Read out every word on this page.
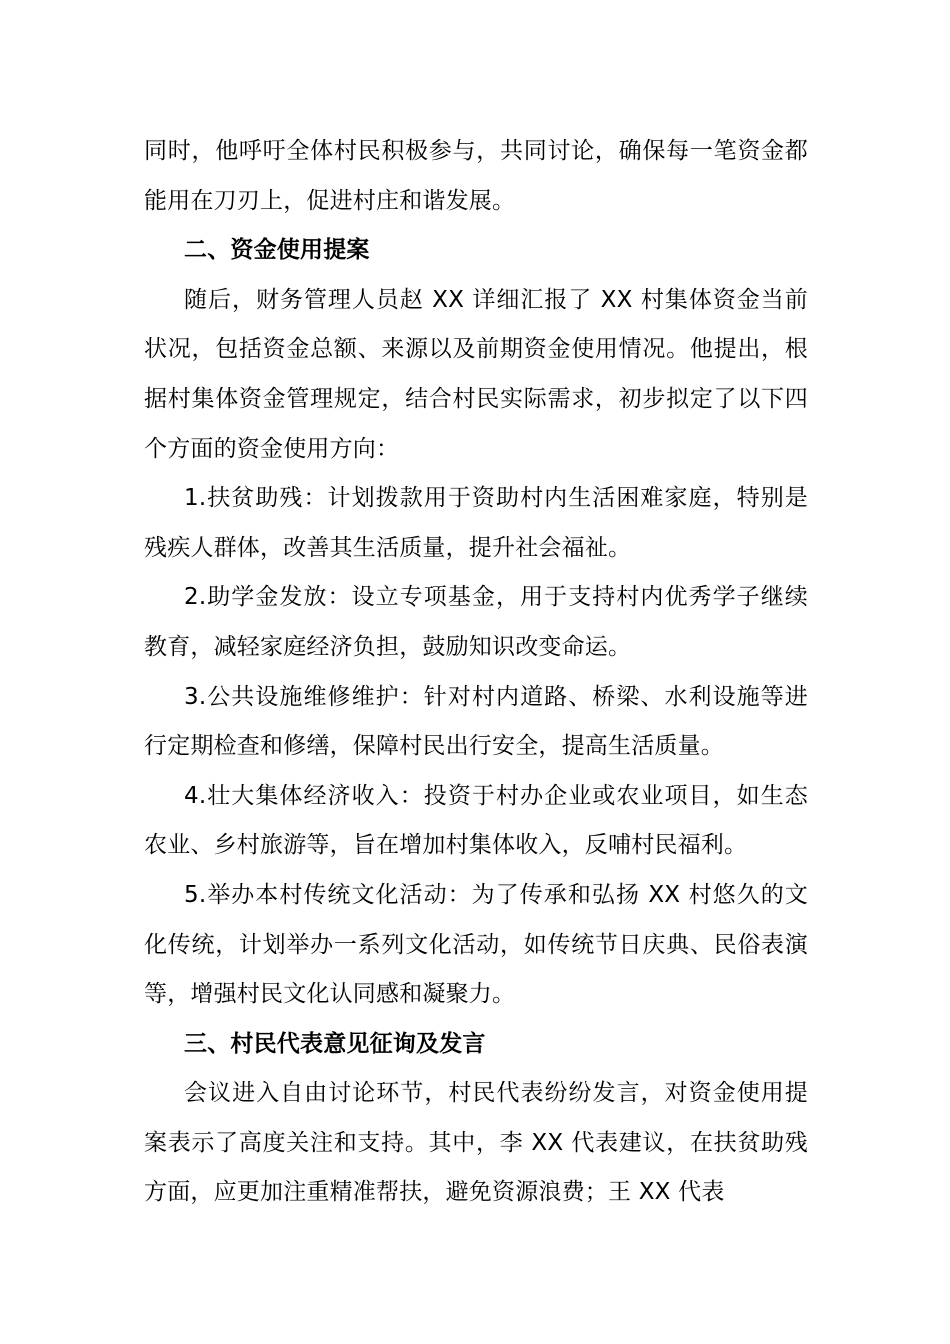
同时，他呼吁全体村民积极参与，共同讨论，确保每一笔资金都能用在刀刃上，促进村庄和谐发展。

二、资金使用提案

随后，财务管理人员赵 XX 详细汇报了 XX 村集体资金当前状况，包括资金总额、来源以及前期资金使用情况。他提出，根据村集体资金管理规定，结合村民实际需求，初步拟定了以下四个方面的资金使用方向：

1.扶贫助残：计划拨款用于资助村内生活困难家庭，特别是残疾人群体，改善其生活质量，提升社会福祉。

2.助学金发放：设立专项基金，用于支持村内优秀学子继续教育，减轻家庭经济负担，鼓励知识改变命运。

3.公共设施维修维护：针对村内道路、桥梁、水利设施等进行定期检查和修缮，保障村民出行安全，提高生活质量。

4.壮大集体经济收入：投资于村办企业或农业项目，如生态农业、乡村旅游等，旨在增加村集体收入，反哺村民福利。

5.举办本村传统文化活动：为了传承和弘扬 XX 村悠久的文化传统，计划举办一系列文化活动，如传统节日庆典、民俗表演等，增强村民文化认同感和凝聚力。

三、村民代表意见征询及发言

会议进入自由讨论环节，村民代表纷纷发言，对资金使用提案表示了高度关注和支持。其中，李 XX 代表建议，在扶贫助残方面，应更加注重精准帮扶，避免资源浪费；王 XX 代表
